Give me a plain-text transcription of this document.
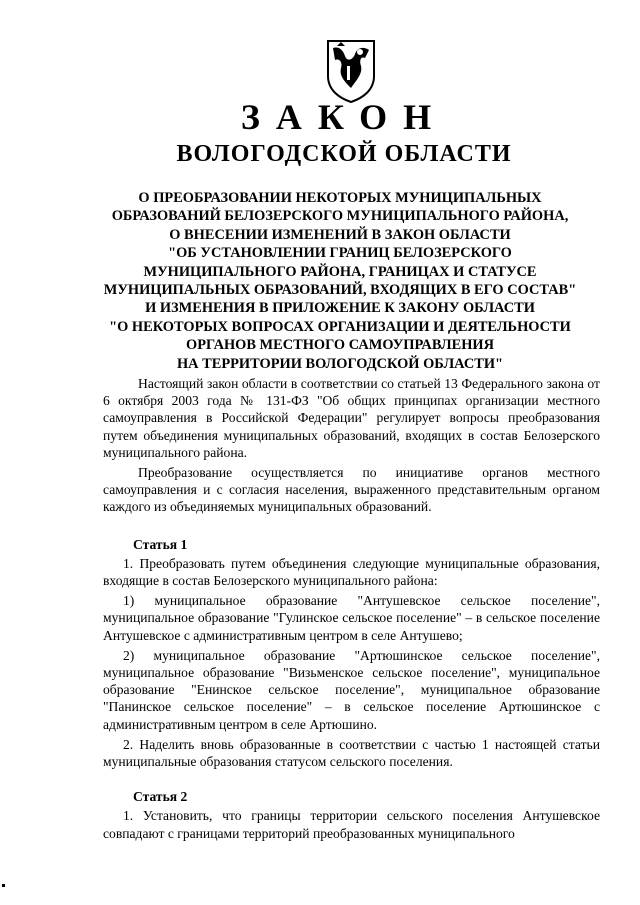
ЗАКОН
ВОЛОГОДСКОЙ ОБЛАСТИ
О ПРЕОБРАЗОВАНИИ НЕКОТОРЫХ МУНИЦИПАЛЬНЫХ
ОБРАЗОВАНИЙ БЕЛОЗЕРСКОГО МУНИЦИПАЛЬНОГО РАЙОНА,
О ВНЕСЕНИИ ИЗМЕНЕНИЙ В ЗАКОН ОБЛАСТИ
"ОБ УСТАНОВЛЕНИИ ГРАНИЦ БЕЛОЗЕРСКОГО
МУНИЦИПАЛЬНОГО РАЙОНА, ГРАНИЦАХ И СТАТУСЕ
МУНИЦИПАЛЬНЫХ ОБРАЗОВАНИЙ, ВХОДЯЩИХ В ЕГО СОСТАВ"
И ИЗМЕНЕНИЯ В ПРИЛОЖЕНИЕ К ЗАКОНУ ОБЛАСТИ
"О НЕКОТОРЫХ ВОПРОСАХ ОРГАНИЗАЦИИ И ДЕЯТЕЛЬНОСТИ
ОРГАНОВ МЕСТНОГО САМОУПРАВЛЕНИЯ
НА ТЕРРИТОРИИ ВОЛОГОДСКОЙ ОБЛАСТИ"

Настоящий закон области в соответствии со статьей 13 Федерального закона от 6 октября 2003 года № 131-ФЗ "Об общих принципах организации местного самоуправления в Российской Федерации" регулирует вопросы преобразования путем объединения муниципальных образований, входящих в состав Белозерского муниципального района.

Преобразование осуществляется по инициативе органов местного самоуправления и с согласия населения, выраженного представительным органом каждого из объединяемых муниципальных образований.

Статья 1

1. Преобразовать путем объединения следующие муниципальные образования, входящие в состав Белозерского муниципального района:

1) муниципальное образование "Антушевское сельское поселение", муниципальное образование "Гулинское сельское поселение" – в сельское поселение Антушевское с административным центром в селе Антушево;

2) муниципальное образование "Артюшинское сельское поселение", муниципальное образование "Визьменское сельское поселение", муниципальное образование "Енинское сельское поселение", муниципальное образование "Панинское сельское поселение" – в сельское поселение Артюшинское с административным центром в селе Артюшино.

2. Наделить вновь образованные в соответствии с частью 1 настоящей статьи муниципальные образования статусом сельского поселения.

Статья 2

1. Установить, что границы территории сельского поселения Антушевское совпадают с границами территорий преобразованных муниципального
